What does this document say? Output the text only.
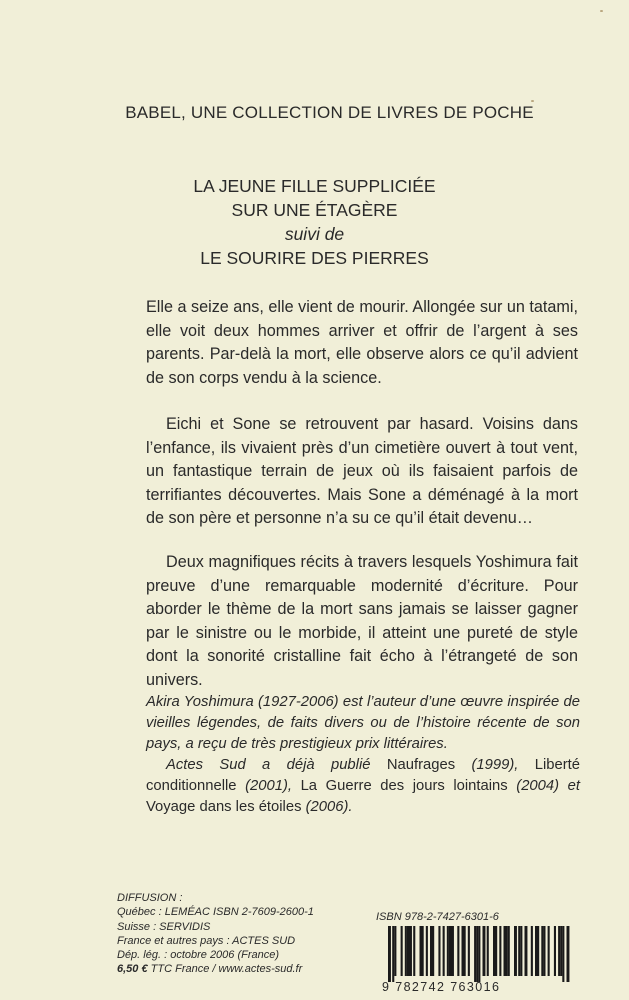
BABEL, UNE COLLECTION DE LIVRES DE POCHE
LA JEUNE FILLE SUPPLICIÉE
SUR UNE ÉTAGÈRE
suivi de
LE SOURIRE DES PIERRES
Elle a seize ans, elle vient de mourir. Allongée sur un tatami, elle voit deux hommes arriver et offrir de l’argent à ses parents. Par-delà la mort, elle observe alors ce qu’il advient de son corps vendu à la science.
Eichi et Sone se retrouvent par hasard. Voisins dans l’enfance, ils vivaient près d’un cimetière ouvert à tout vent, un fantastique terrain de jeux où ils faisaient parfois de terrifiantes découvertes. Mais Sone a déménagé à la mort de son père et personne n’a su ce qu’il était devenu…
Deux magnifiques récits à travers lesquels Yoshimura fait preuve d’une remarquable modernité d’écriture. Pour aborder le thème de la mort sans jamais se laisser gagner par le sinistre ou le morbide, il atteint une pureté de style dont la sonorité cristalline fait écho à l’étrangeté de son univers.
Akira Yoshimura (1927-2006) est l’auteur d’une œuvre inspirée de vieilles légendes, de faits divers ou de l’histoire récente de son pays, a reçu de très prestigieux prix littéraires.
Actes Sud a déjà publié Naufrages (1999), Liberté conditionnelle (2001), La Guerre des jours lointains (2004) et Voyage dans les étoiles (2006).
DIFFUSION :
Québec : LEMÉAC ISBN 2-7609-2600-1
Suisse : SERVIDIS
France et autres pays : ACTES SUD
Dép. lég. : octobre 2006 (France)
6,50 € TTC France / www.actes-sud.fr
ISBN 978-2-7427-6301-6
9 782742 763016
